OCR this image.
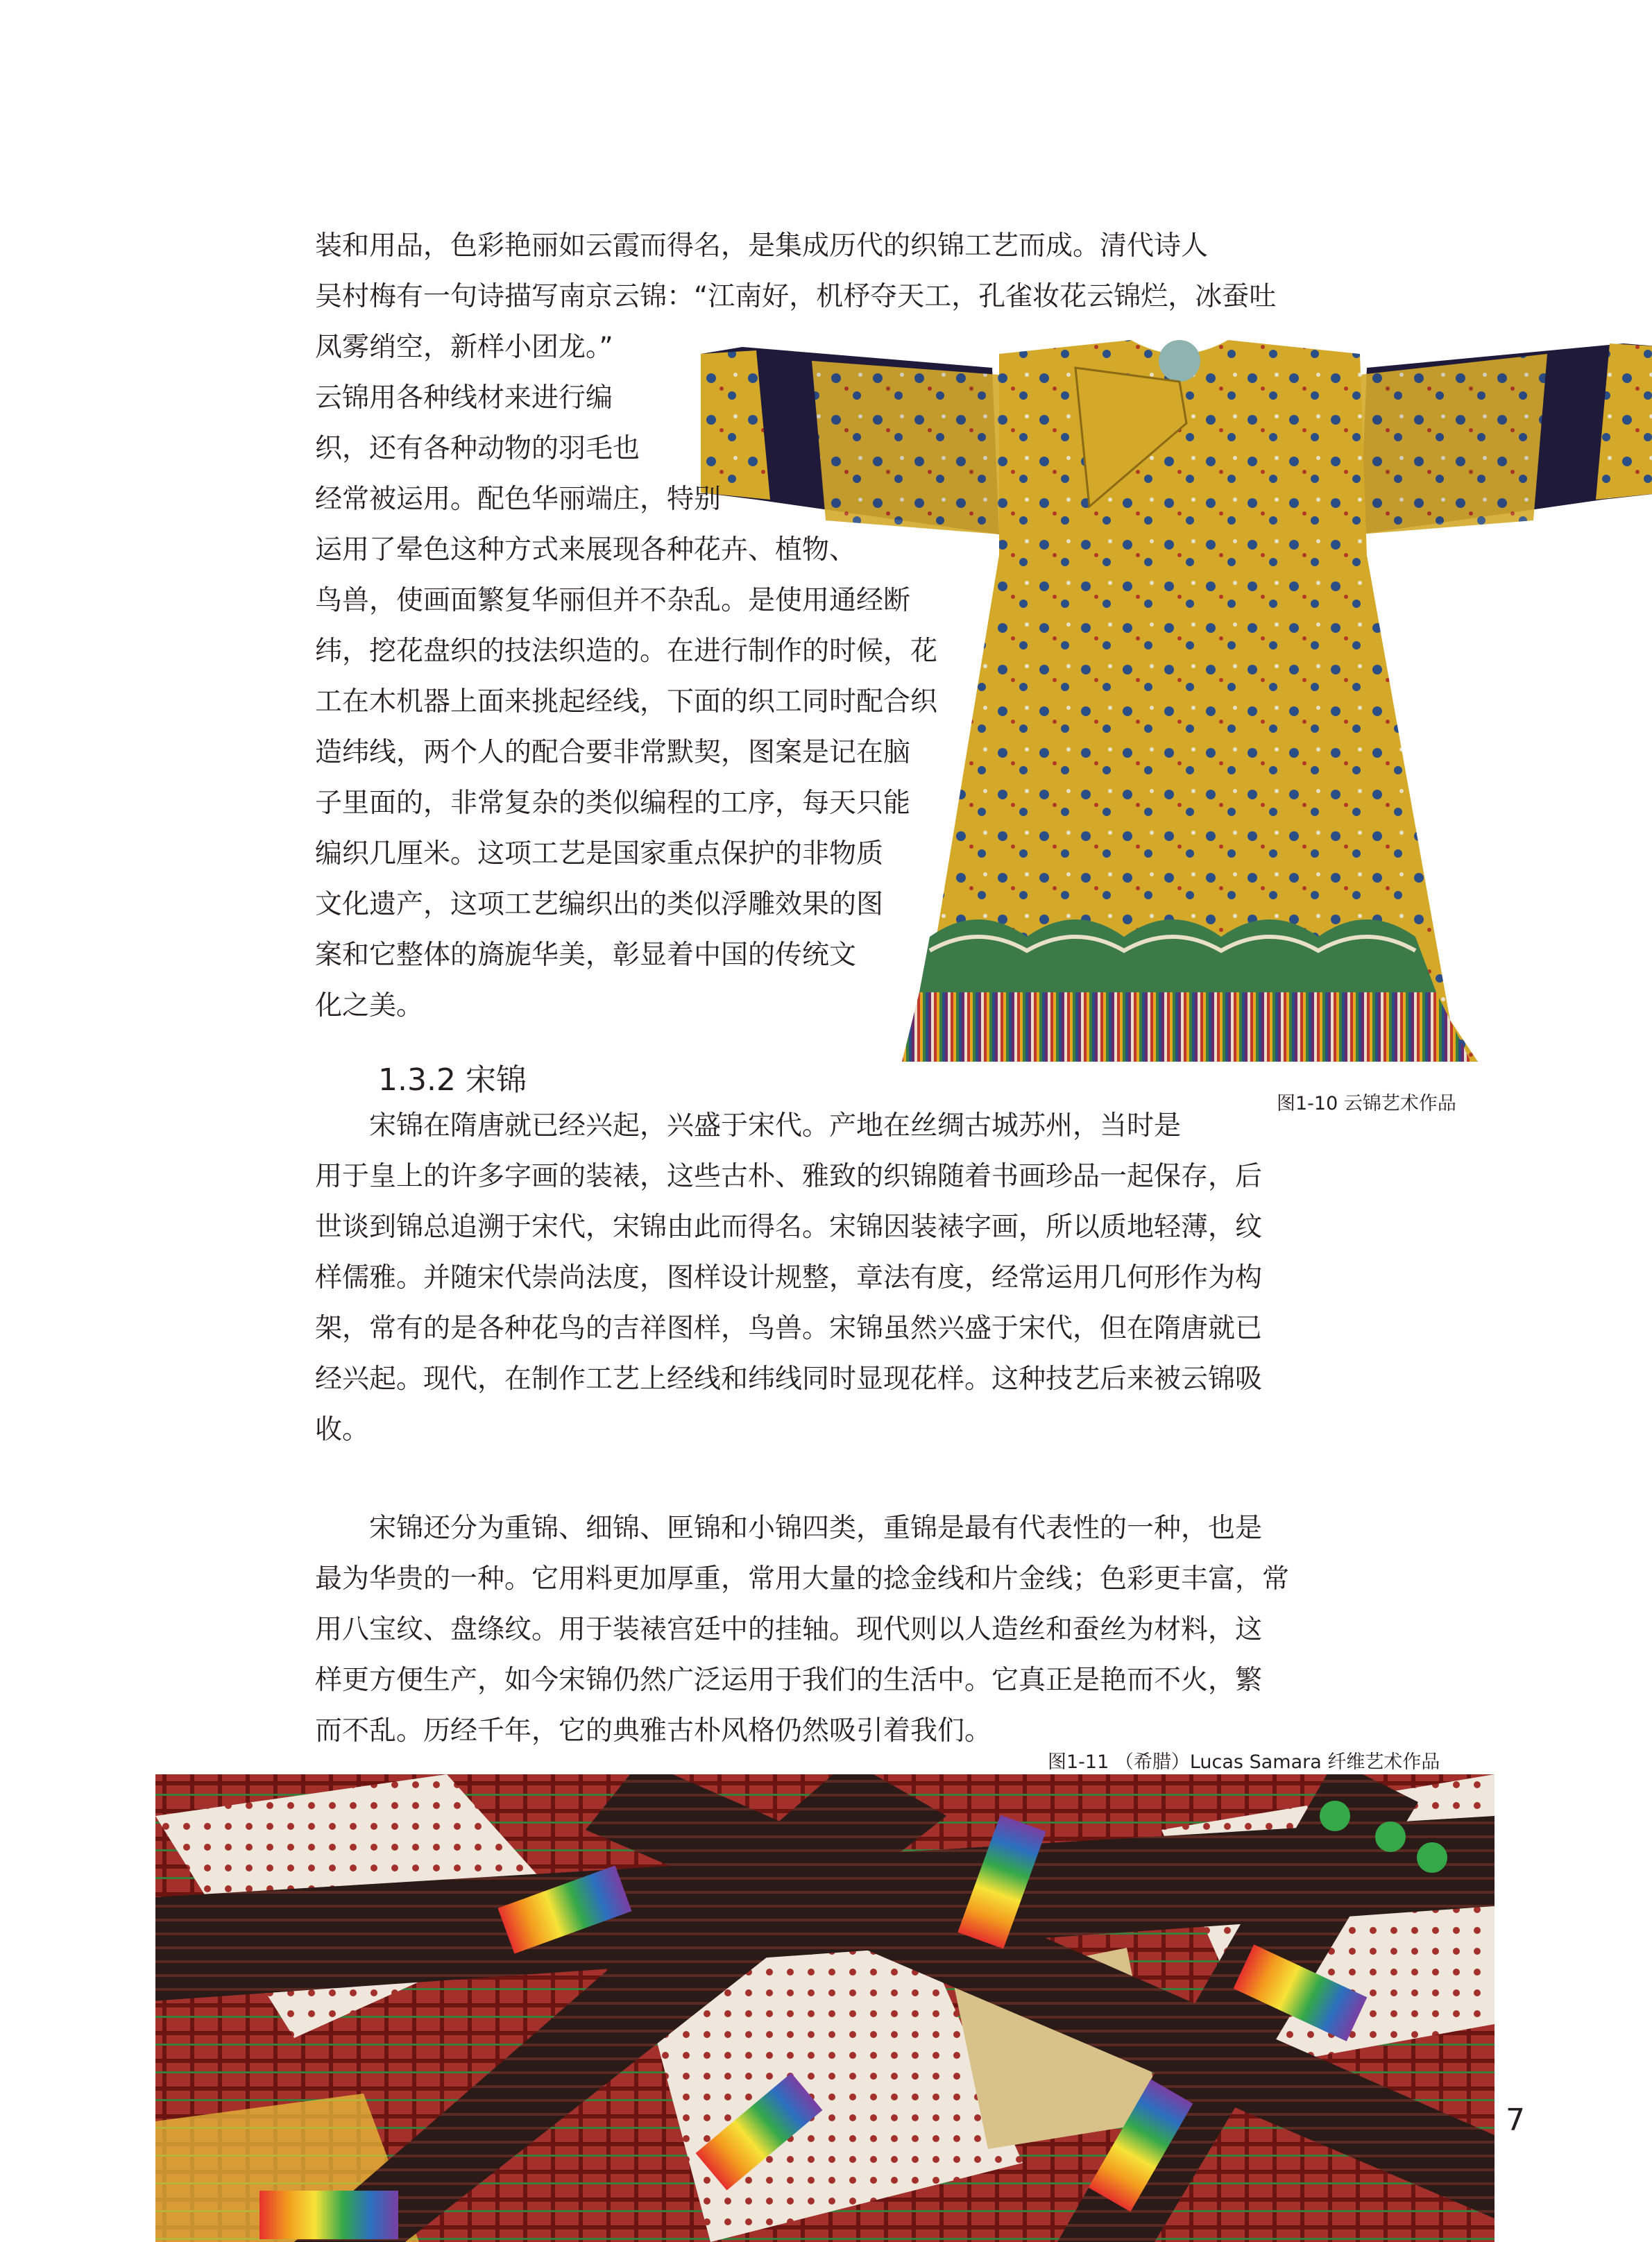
装和用品，色彩艳丽如云霞而得名，是集成历代的织锦工艺而成。清代诗人
吴村梅有一句诗描写南京云锦：“江南好，机杼夺天工，孔雀妆花云锦烂，冰蚕吐
凤雾绡空，新样小团龙。”
云锦用各种线材来进行编
织，还有各种动物的羽毛也
经常被运用。配色华丽端庄，特别
运用了晕色这种方式来展现各种花卉、植物、
鸟兽，使画面繁复华丽但并不杂乱。是使用通经断
纬，挖花盘织的技法织造的。在进行制作的时候，花
工在木机器上面来挑起经线，下面的织工同时配合织
造纬线，两个人的配合要非常默契，图案是记在脑
子里面的，非常复杂的类似编程的工序，每天只能
编织几厘米。这项工艺是国家重点保护的非物质
文化遗产，这项工艺编织出的类似浮雕效果的图
案和它整体的旖旎华美，彰显着中国的传统文
化之美。

1.3.2 宋锦
图1-10 云锦艺术作品

　　宋锦在隋唐就已经兴起，兴盛于宋代。产地在丝绸古城苏州，当时是
用于皇上的许多字画的装裱，这些古朴、雅致的织锦随着书画珍品一起保存，后
世谈到锦总追溯于宋代，宋锦由此而得名。宋锦因装裱字画，所以质地轻薄，纹
样儒雅。并随宋代崇尚法度，图样设计规整，章法有度，经常运用几何形作为构
架，常有的是各种花鸟的吉祥图样，鸟兽。宋锦虽然兴盛于宋代，但在隋唐就已
经兴起。现代，在制作工艺上经线和纬线同时显现花样。这种技艺后来被云锦吸
收。

　　宋锦还分为重锦、细锦、匣锦和小锦四类，重锦是最有代表性的一种，也是
最为华贵的一种。它用料更加厚重，常用大量的捻金线和片金线；色彩更丰富，常
用八宝纹、盘绦纹。用于装裱宫廷中的挂轴。现代则以人造丝和蚕丝为材料，这
样更方便生产，如今宋锦仍然广泛运用于我们的生活中。它真正是艳而不火，繁
而不乱。历经千年，它的典雅古朴风格仍然吸引着我们。

图1-11 （希腊）Lucas Samara 纤维艺术作品
7
